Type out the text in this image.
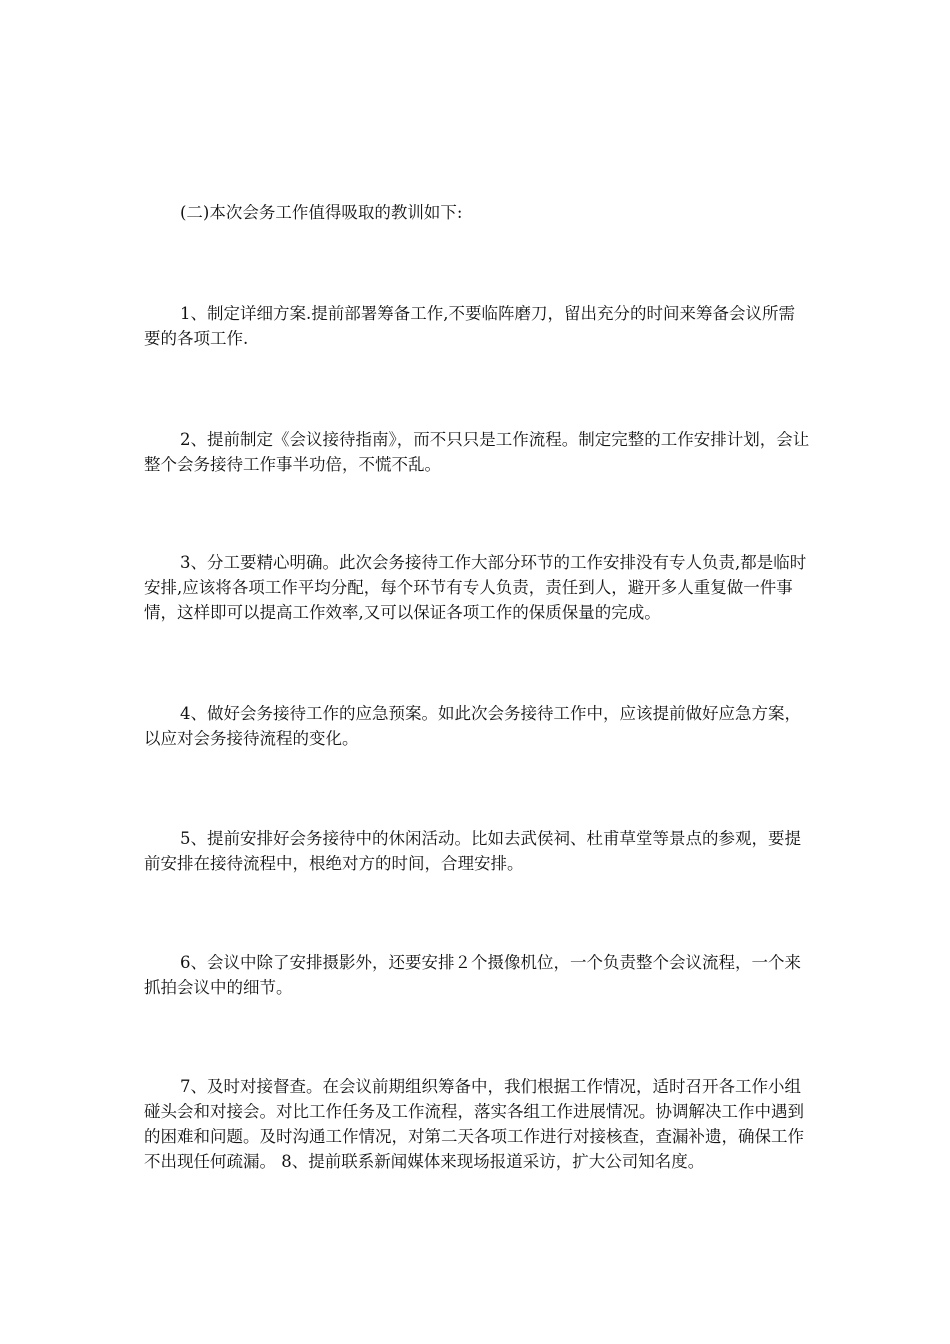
(二)本次会务工作值得吸取的教训如下:

1、制定详细方案.提前部署筹备工作,不要临阵磨刀，留出充分的时间来筹备会议所需要的各项工作.

2、提前制定《会议接待指南》，而不只只是工作流程。制定完整的工作安排计划，会让整个会务接待工作事半功倍，不慌不乱。

3、分工要精心明确。此次会务接待工作大部分环节的工作安排没有专人负责,都是临时安排,应该将各项工作平均分配，每个环节有专人负责，责任到人，避开多人重复做一件事情，这样即可以提高工作效率,又可以保证各项工作的保质保量的完成。

4、做好会务接待工作的应急预案。如此次会务接待工作中，应该提前做好应急方案，以应对会务接待流程的变化。

5、提前安排好会务接待中的休闲活动。比如去武侯祠、杜甫草堂等景点的参观，要提前安排在接待流程中，根绝对方的时间，合理安排。

6、会议中除了安排摄影外，还要安排２个摄像机位，一个负责整个会议流程，一个来抓拍会议中的细节。

7、及时对接督查。在会议前期组织筹备中，我们根据工作情况，适时召开各工作小组碰头会和对接会。对比工作任务及工作流程，落实各组工作进展情况。协调解决工作中遇到的困难和问题。及时沟通工作情况，对第二天各项工作进行对接核查，查漏补遗，确保工作不出现任何疏漏。 8、提前联系新闻媒体来现场报道采访，扩大公司知名度。
